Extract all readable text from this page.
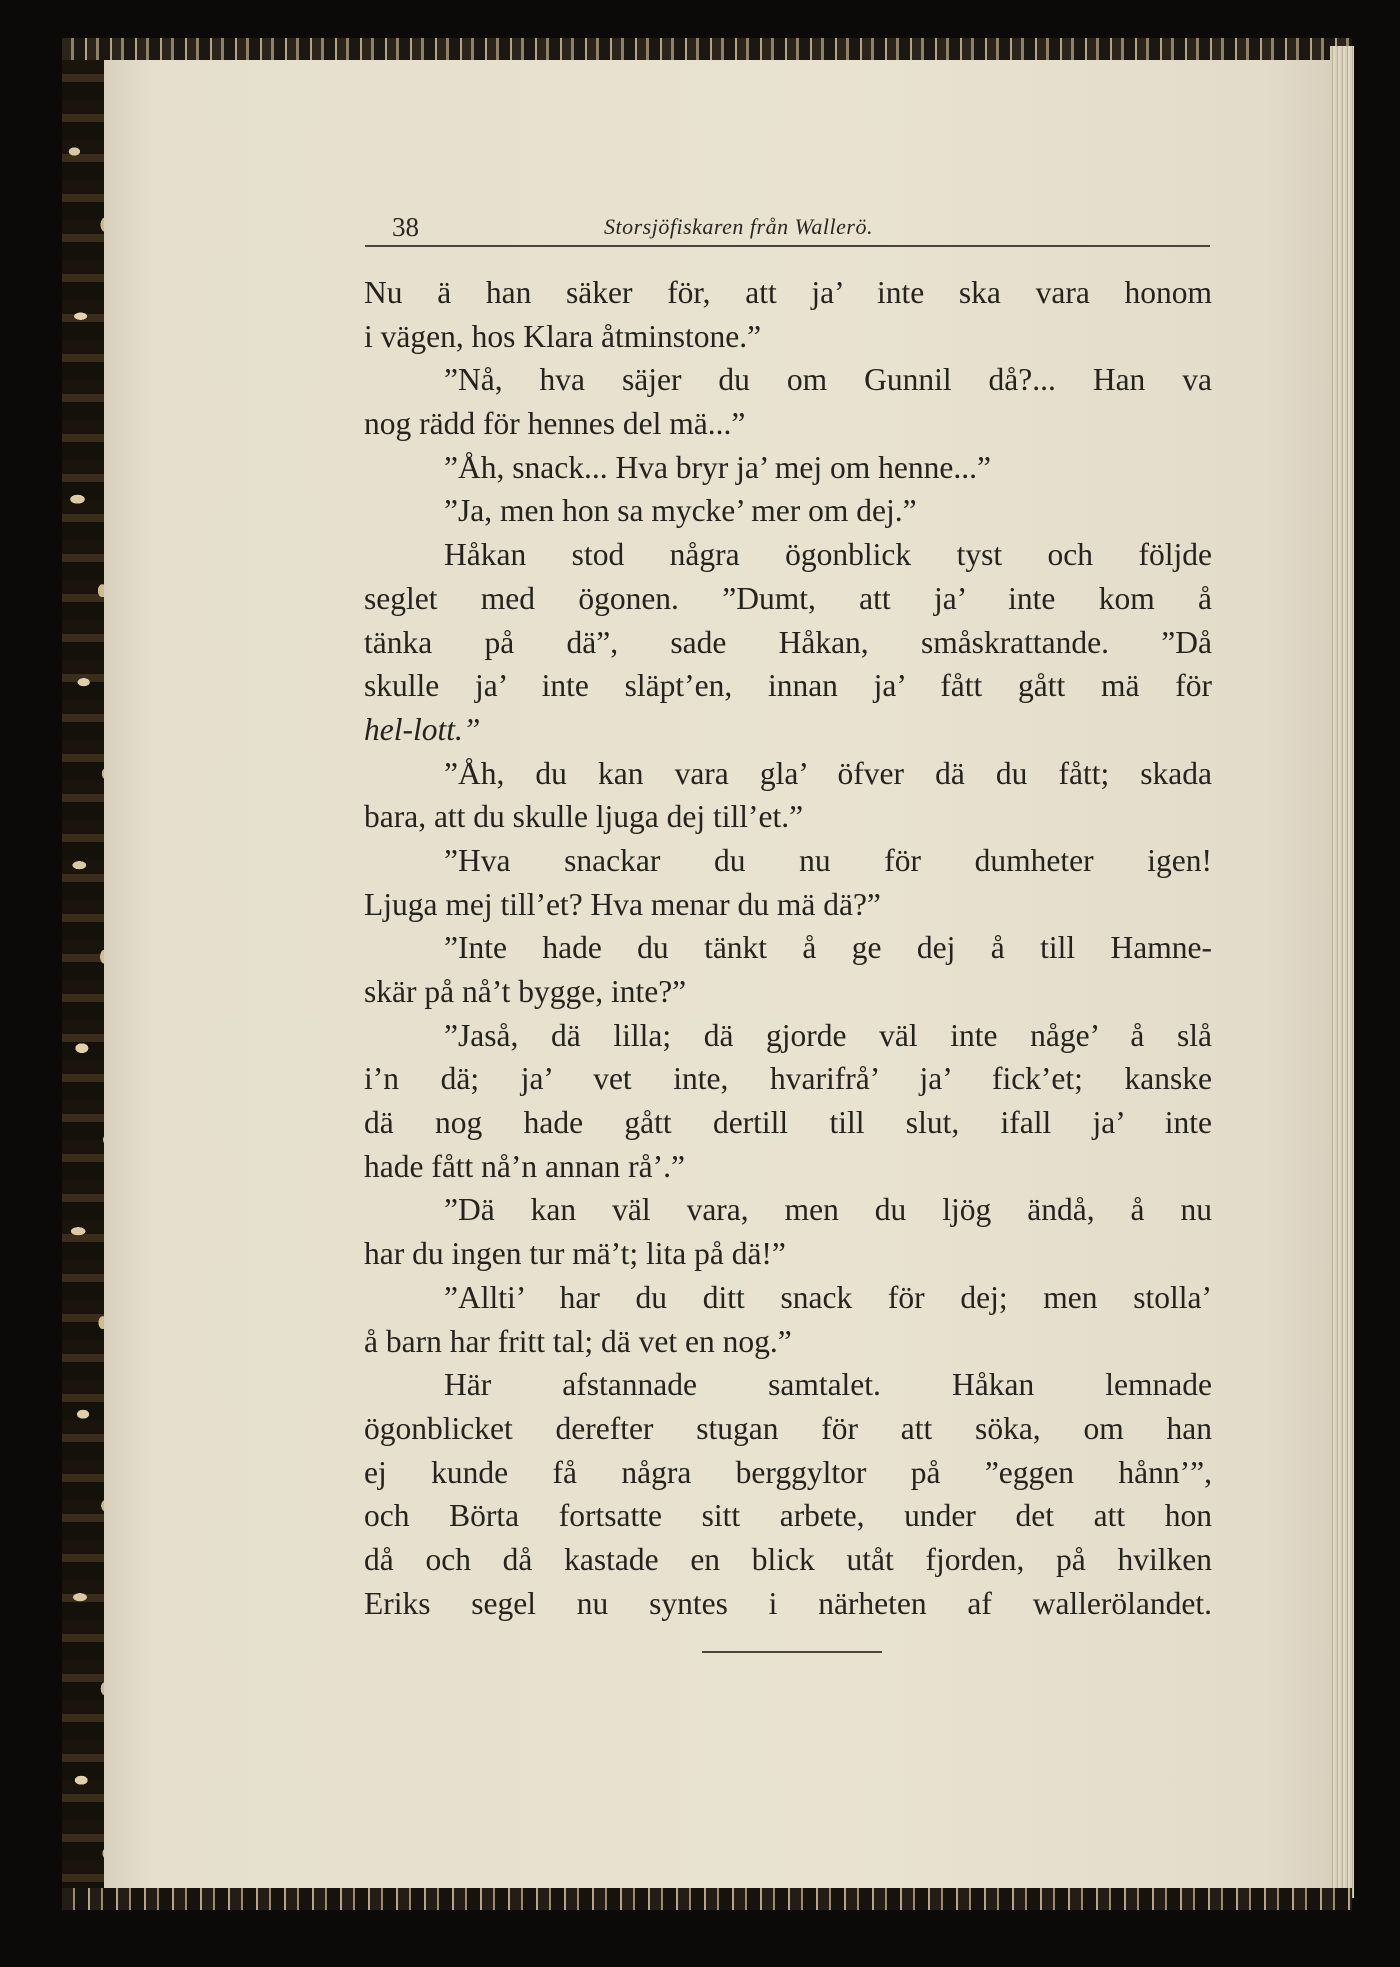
38	Storsjöfiskaren från Wallerö.
Nu ä han säker för, att ja’ inte ska vara honom
i vägen, hos Klara åtminstone.”
”Nå, hva säjer du om Gunnil då?... Han va
nog rädd för hennes del mä...”
”Åh, snack... Hva bryr ja’ mej om henne...”
”Ja, men hon sa mycke’ mer om dej.”
Håkan stod några ögonblick tyst och följde
seglet med ögonen. ”Dumt, att ja’ inte kom å
tänka på dä”, sade Håkan, småskrattande. ”Då
skulle ja’ inte släpt’en, innan ja’ fått gått mä för
hel-lott.”
”Åh, du kan vara gla’ öfver dä du fått; skada
bara, att du skulle ljuga dej till’et.”
”Hva snackar du nu för dumheter igen!
Ljuga mej till’et? Hva menar du mä dä?”
”Inte hade du tänkt å ge dej å till Hamne-
skär på nå’t bygge, inte?”
”Jaså, dä lilla; dä gjorde väl inte någe’ å slå
i’n dä; ja’ vet inte, hvarifrå’ ja’ fick’et; kanske
dä nog hade gått dertill till slut, ifall ja’ inte
hade fått nå’n annan rå’.”
”Dä kan väl vara, men du ljög ändå, å nu
har du ingen tur mä’t; lita på dä!”
”Allti’ har du ditt snack för dej; men stolla’
å barn har fritt tal; dä vet en nog.”
Här afstannade samtalet. Håkan lemnade
ögonblicket derefter stugan för att söka, om han
ej kunde få några berggyltor på ”eggen hånn’”,
och Börta fortsatte sitt arbete, under det att hon
då och då kastade en blick utåt fjorden, på hvilken
Eriks segel nu syntes i närheten af wallerölandet.
